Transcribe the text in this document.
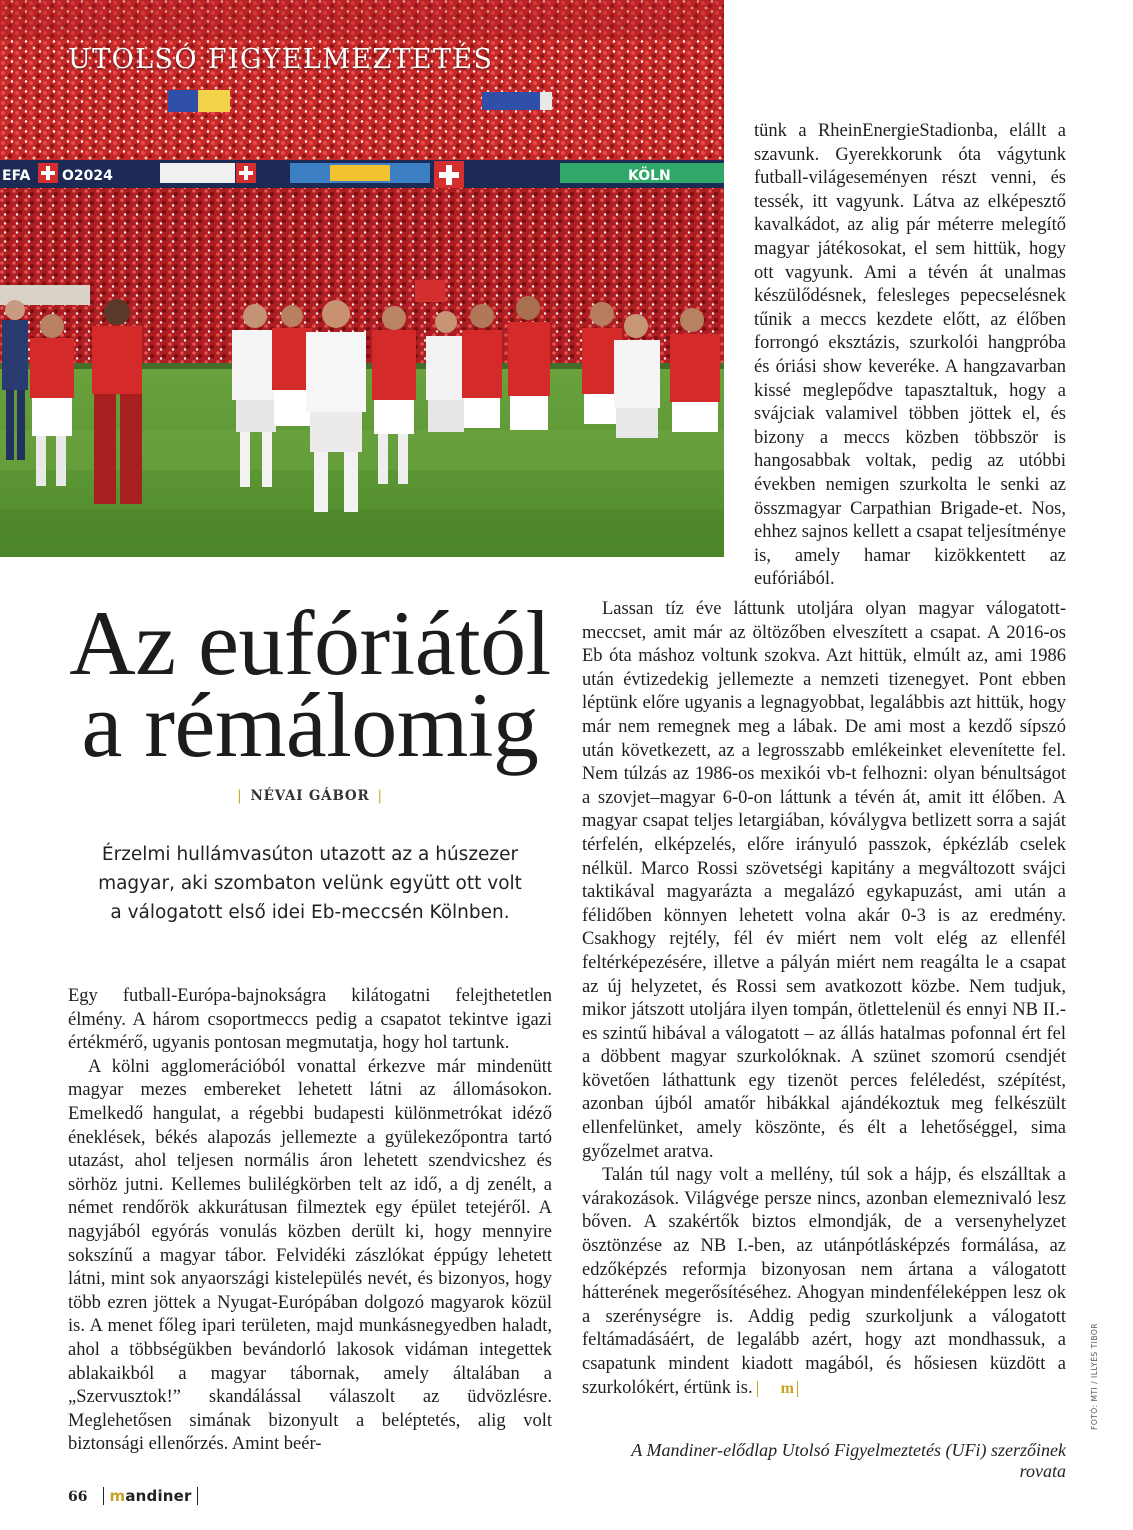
EFA O2024	KÖLN
UTOLSÓ FIGYELMEZTETÉS
Az eufóriától
a rémálomig
| NÉVAI GÁBOR |
Érzelmi hullámvasúton utazott az a húszezer
magyar, aki szombaton velünk együtt ott volt
a válogatott első idei Eb-meccsén Kölnben.

tünk a RheinEnergieStadionba, elállt a szavunk. Gyerekkorunk óta vágytunk futball-világeseményen részt venni, és tessék, itt vagyunk. Látva az elképesztő kavalkádot, az alig pár méterre melegítő magyar játékosokat, el sem hittük, hogy ott vagyunk. Ami a tévén át unalmas készülődésnek, felesleges pepecselésnek tűnik a meccs kezdete előtt, az élőben forrongó eksztázis, szurkolói hangpróba és óriási show keveréke. A hangzavarban kissé meglepődve tapasztaltuk, hogy a svájciak valamivel többen jöttek el, és bizony a meccs közben többször is hangosabbak voltak, pedig az utóbbi években nemigen szurkolta le senki az összmagyar Carpathian Brigade-et. Nos, ehhez sajnos kellett a csapat teljesítménye is, amely hamar kizökkentett az eufóriából.

Lassan tíz éve láttunk utoljára olyan magyar válogatott-meccset, amit már az öltözőben elveszített a csapat. A 2016-os Eb óta máshoz voltunk szokva. Azt hittük, elmúlt az, ami 1986 után évtizedekig jellemezte a nemzeti tizenegyet. Pont ebben léptünk előre ugyanis a legnagyobbat, legalábbis azt hittük, hogy már nem remegnek meg a lábak. De ami most a kezdő sípszó után következett, az a legrosszabb emlékeinket elevenítette fel. Nem túlzás az 1986-os mexikói vb-t felhozni: olyan bénultságot a szovjet–magyar 6-0-on láttunk a tévén át, amit itt élőben. A magyar csapat teljes letargiában, kóválygva betlizett sorra a saját térfelén, elképzelés, előre irányuló passzok, épkézláb cselek nélkül. Marco Rossi szövetségi kapitány a megváltozott svájci taktikával magyarázta a megalázó egykapuzást, ami után a félidőben könnyen lehetett volna akár 0-3 is az eredmény. Csakhogy rejtély, fél év miért nem volt elég az ellenfél feltérképezésére, illetve a pályán miért nem reagálta le a csapat az új helyzetet, és Rossi sem avatkozott közbe. Nem tudjuk, mikor játszott utoljára ilyen tompán, ötlettelenül és ennyi NB II.-es szintű hibával a válogatott – az állás hatalmas pofonnal ért fel a döbbent magyar szurkolóknak. A szünet szomorú csendjét követően láthattunk egy tizenöt perces feléledést, szépítést, azonban újból amatőr hibákkal ajándékoztuk meg felkészült ellenfelünket, amely köszönte, és élt a lehetőséggel, sima győzelmet aratva.

Talán túl nagy volt a mellény, túl sok a hájp, és elszálltak a várakozások. Világvége persze nincs, azonban elemeznivaló lesz bőven. A szakértők biztos elmondják, de a versenyhelyzet ösztönzése az NB I.-ben, az utánpótlásképzés formálása, az edzőképzés reformja bizonyosan nem ártana a válogatott hátterének megerősítéséhez. Ahogyan mindenféleképpen lesz ok a szerénységre is. Addig pedig szurkoljunk a válogatott feltámadásáért, de legalább azért, hogy azt mondhassuk, a csapatunk mindent kiadott magából, és hősiesen küzdött a szurkolókért, értünk is. m

Egy futball-Európa-bajnokságra kilátogatni felejthetetlen élmény. A három csoportmeccs pedig a csapatot tekintve igazi értékmérő, ugyanis pontosan megmutatja, hogy hol tartunk.

A kölni agglomerációból vonattal érkezve már mindenütt magyar mezes embereket lehetett látni az állomásokon. Emelkedő hangulat, a régebbi budapesti különmetrókat idéző éneklések, békés alapozás jellemezte a gyülekezőpontra tartó utazást, ahol teljesen normális áron lehetett szendvicshez és sörhöz jutni. Kellemes bulilégkörben telt az idő, a dj zenélt, a német rendőrök akkurátusan filmeztek egy épület tetejéről. A nagyjából egyórás vonulás közben derült ki, hogy mennyire sokszínű a magyar tábor. Felvidéki zászlókat éppúgy lehetett látni, mint sok anyaországi kistelepülés nevét, és bizonyos, hogy több ezren jöttek a Nyugat-Európában dolgozó magyarok közül is. A menet főleg ipari területen, majd munkásnegyedben haladt, ahol a többségükben bevándorló lakosok vidáman integettek ablakaikból a magyar tábornak, amely általában a „Szervusztok!” skandálással válaszolt az üdvözlésre. Meglehetősen simának bizonyult a beléptetés, alig volt biztonsági ellenőrzés. Amint beér-	A Mandiner-elődlap Utolsó Figyelmeztetés (UFi) szerzőinek rovata
FOTÓ: MTI / ILLYÉS TIBOR
66 mandiner
